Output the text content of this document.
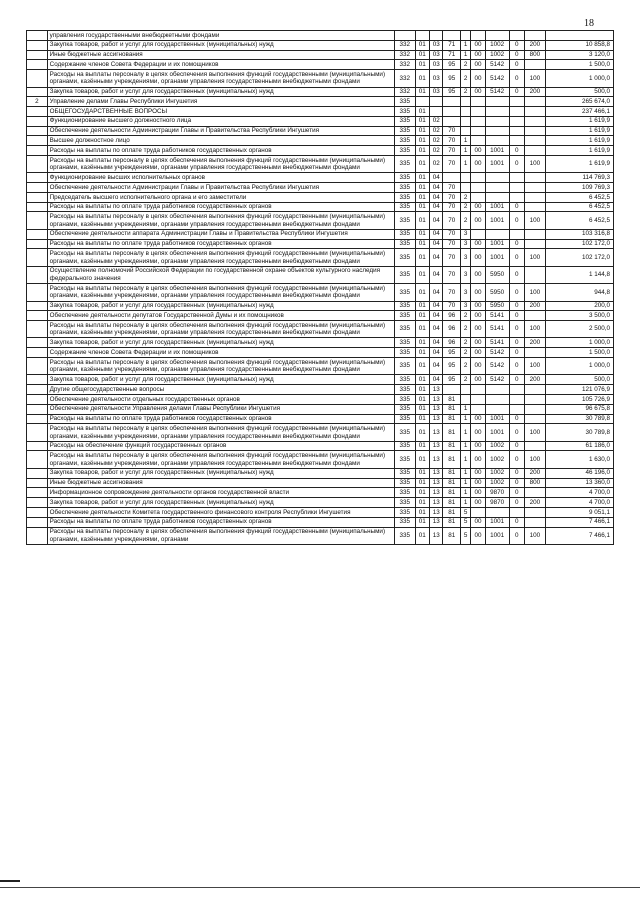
18
	управления государственными внебюджетными фондами										
	Закупка товаров, работ и услуг для государственных (муниципальных) нужд	332	01	03	71	1	00	1002	0	200	10 858,8
	Иные бюджетные ассигнования	332	01	03	71	1	00	1002	0	800	3 120,0
	Содержание членов Совета Федерации и их помощников	332	01	03	95	2	00	5142	0		1 500,0
	Расходы на выплаты персоналу в целях обеспечения выполнения функций государственными (муниципальными) органами, казёнными учреждениями, органами управления государственными внебюджетными фондами	332	01	03	95	2	00	5142	0	100	1 000,0
	Закупка товаров, работ и услуг для государственных (муниципальных) нужд	332	01	03	95	2	00	5142	0	200	500,0
2	Управление делами Главы Республики Ингушетия	335									265 674,0
	ОБЩЕГОСУДАРСТВЕННЫЕ ВОПРОСЫ	335	01								237 466,1
	Функционирование высшего должностного лица	335	01	02							1 619,9
	Обеспечение деятельности Администрации Главы и Правительства Республики Ингушетия	335	01	02	70						1 619,9
	Высшее должностное лицо	335	01	02	70	1					1 619,9
	Расходы на выплаты по оплате труда работников государственных органов	335	01	02	70	1	00	1001	0		1 619,9
	Расходы на выплаты персоналу в целях обеспечения выполнения функций государственными (муниципальными) органами, казёнными учреждениями, органами управления государственными внебюджетными фондами	335	01	02	70	1	00	1001	0	100	1 619,9
	Функционирование высших исполнительных органов	335	01	04							114 769,3
	Обеспечение деятельности Администрации Главы и Правительства Республики Ингушетия	335	01	04	70						109 769,3
	Председатель высшего исполнительного органа и его заместители	335	01	04	70	2					6 452,5
	Расходы на выплаты по оплате труда работников государственных органов	335	01	04	70	2	00	1001	0		6 452,5
	Расходы на выплаты персоналу в целях обеспечения выполнения функций государственными (муниципальными) органами, казёнными учреждениями, органами управления государственными внебюджетными фондами	335	01	04	70	2	00	1001	0	100	6 452,5
	Обеспечение деятельности аппарата Администрации Главы и Правительства Республики Ингушетия	335	01	04	70	3					103 316,8
	Расходы на выплаты по оплате труда работников государственных органов	335	01	04	70	3	00	1001	0		102 172,0
	Расходы на выплаты персоналу в целях обеспечения выполнения функций государственными (муниципальными) органами, казёнными учреждениями, органами управления государственными внебюджетными фондами	335	01	04	70	3	00	1001	0	100	102 172,0
	Осуществление полномочий Российской Федерации по государственной охране объектов культурного наследия федерального значения	335	01	04	70	3	00	5950	0		1 144,8
	Расходы на выплаты персоналу в целях обеспечения выполнения функций государственными (муниципальными) органами, казёнными учреждениями, органами управления государственными внебюджетными фондами	335	01	04	70	3	00	5950	0	100	944,8
	Закупка товаров, работ и услуг для государственных (муниципальных) нужд	335	01	04	70	3	00	5950	0	200	200,0
	Обеспечение деятельности депутатов Государственной Думы и их помощников	335	01	04	96	2	00	5141	0		3 500,0
	Расходы на выплаты персоналу в целях обеспечения выполнения функций государственными (муниципальными) органами, казёнными учреждениями, органами управления государственными внебюджетными фондами	335	01	04	96	2	00	5141	0	100	2 500,0
	Закупка товаров, работ и услуг для государственных (муниципальных) нужд	335	01	04	96	2	00	5141	0	200	1 000,0
	Содержание членов Совета Федерации и их помощников	335	01	04	95	2	00	5142	0		1 500,0
	Расходы на выплаты персоналу в целях обеспечения выполнения функций государственными (муниципальными) органами, казёнными учреждениями, органами управления государственными внебюджетными фондами	335	01	04	95	2	00	5142	0	100	1 000,0
	Закупка товаров, работ и услуг для государственных (муниципальных) нужд	335	01	04	95	2	00	5142	0	200	500,0
	Другие общегосударственные вопросы	335	01	13							121 076,9
	Обеспечение деятельности отдельных государственных органов	335	01	13	81						105 726,9
	Обеспечение деятельности Управления делами Главы Республики Ингушетия	335	01	13	81	1					96 675,8
	Расходы на выплаты по оплате труда работников государственных органов	335	01	13	81	1	00	1001	0		30 789,8
	Расходы на выплаты персоналу в целях обеспечения выполнения функций государственными (муниципальными) органами, казёнными учреждениями, органами управления государственными внебюджетными фондами	335	01	13	81	1	00	1001	0	100	30 789,8
	Расходы на обеспечение функций государственных органов	335	01	13	81	1	00	1002	0		61 186,0
	Расходы на выплаты персоналу в целях обеспечения выполнения функций государственными (муниципальными) органами, казёнными учреждениями, органами управления государственными внебюджетными фондами	335	01	13	81	1	00	1002	0	100	1 630,0
	Закупка товаров, работ и услуг для государственных (муниципальных) нужд	335	01	13	81	1	00	1002	0	200	46 196,0
	Иные бюджетные ассигнования	335	01	13	81	1	00	1002	0	800	13 360,0
	Информационное сопровождение деятельности органов государственной власти	335	01	13	81	1	00	9870	0		4 700,0
	Закупка товаров, работ и услуг для государственных (муниципальных) нужд	335	01	13	81	1	00	9870	0	200	4 700,0
	Обеспечение деятельности Комитета государственного финансового контроля Республики Ингушетия	335	01	13	81	5					9 051,1
	Расходы на выплаты по оплате труда работников государственных органов	335	01	13	81	5	00	1001	0		7 466,1
	Расходы на выплаты персоналу в целях обеспечения выполнения функций государственными (муниципальными) органами, казёнными учреждениями, органами	335	01	13	81	5	00	1001	0	100	7 466,1
